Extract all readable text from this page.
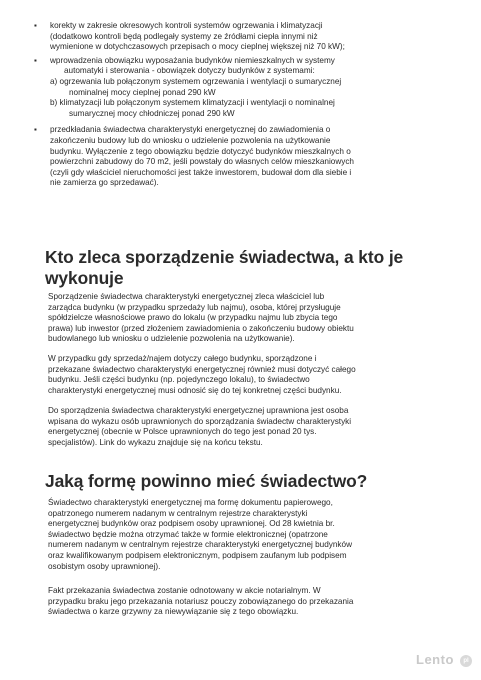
▪ korekty w zakresie okresowych kontroli systemów ogrzewania i klimatyzacji
(dodatkowo kontroli będą podlegały systemy ze źródłami ciepła innymi niż
wymienione w dotychczasowych przepisach o mocy cieplnej większej niż 70 kW);
▪ wprowadzenia obowiązku wyposażania budynków niemieszkalnych w systemy
automatyki i sterowania - obowiązek dotyczy budynków z systemami:
a) ogrzewania lub połączonym systemem ogrzewania i wentylacji o sumarycznej
nominalnej mocy cieplnej ponad 290 kW
b) klimatyzacji lub połączonym systemem klimatyzacji i wentylacji o nominalnej
sumarycznej mocy chłodniczej ponad 290 kW
▪ przedkładania świadectwa charakterystyki energetycznej do zawiadomienia o
zakończeniu budowy lub do wniosku o udzielenie pozwolenia na użytkowanie
budynku. Wyłączenie z tego obowiązku będzie dotyczyć budynków mieszkalnych o
powierzchni zabudowy do 70 m2, jeśli powstały do własnych celów mieszkaniowych
(czyli gdy właściciel nieruchomości jest także inwestorem, budował dom dla siebie i
nie zamierza go sprzedawać).
Kto zleca sporządzenie świadectwa, a kto je
wykonuje
Sporządzenie świadectwa charakterystyki energetycznej zleca właściciel lub
zarządca budynku (w przypadku sprzedaży lub najmu), osoba, której przysługuje
spółdzielcze własnościowe prawo do lokalu (w przypadku najmu lub zbycia tego
prawa) lub inwestor (przed złożeniem zawiadomienia o zakończeniu budowy obiektu
budowlanego lub wniosku o udzielenie pozwolenia na użytkowanie).
W przypadku gdy sprzedaż/najem dotyczy całego budynku, sporządzone i
przekazane świadectwo charakterystyki energetycznej również musi dotyczyć całego
budynku. Jeśli części budynku (np. pojedynczego lokalu), to świadectwo
charakterystyki energetycznej musi odnosić się do tej konkretnej części budynku.
Do sporządzenia świadectwa charakterystyki energetycznej uprawniona jest osoba
wpisana do wykazu osób uprawnionych do sporządzania świadectw charakterystyki
energetycznej (obecnie w Polsce uprawnionych do tego jest ponad 20 tys.
specjalistów). Link do wykazu znajduje się na końcu tekstu.
Jaką formę powinno mieć świadectwo?
Świadectwo charakterystyki energetycznej ma formę dokumentu papierowego,
opatrzonego numerem nadanym w centralnym rejestrze charakterystyki
energetycznej budynków oraz podpisem osoby uprawnionej. Od 28 kwietnia br.
świadectwo będzie można otrzymać także w formie elektronicznej (opatrzone
numerem nadanym w centralnym rejestrze charakterystyki energetycznej budynków
oraz kwalifikowanym podpisem elektronicznym, podpisem zaufanym lub podpisem
osobistym osoby uprawnionej).
Fakt przekazania świadectwa zostanie odnotowany w akcie notarialnym. W
przypadku braku jego przekazania notariusz pouczy zobowiązanego do przekazania
świadectwa o karze grzywny za niewywiązanie się z tego obowiązku.
Lento	pl
